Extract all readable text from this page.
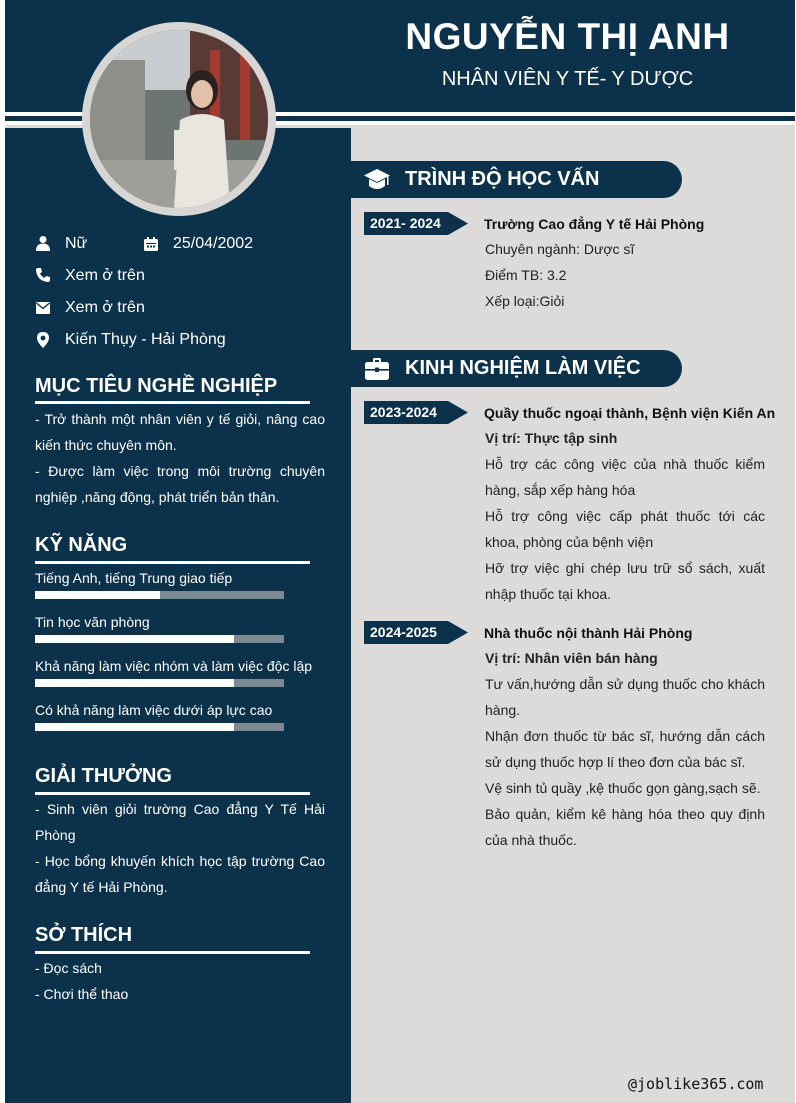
NGUYỄN THỊ ANH
NHÂN VIÊN Y TẾ- Y DƯỢC
Nữ	25/04/2002
Xem ở trên
Xem ở trên
Kiến Thụy - Hải Phòng
MỤC TIÊU NGHỀ NGHIỆP

- Trở thành một nhân viên y tế giỏi, nâng cao kiến thức chuyên môn.

- Được làm việc trong môi trường chuyên nghiệp ,năng động, phát triển bản thân.

KỸ NĂNG
Tiếng Anh, tiếng Trung giao tiếp
Tin học văn phòng
Khả năng làm việc nhóm và làm việc độc lập
Có khả năng làm việc dưới áp lực cao
GIẢI THƯỞNG

- Sinh viên giỏi trường Cao đẳng Y Tế Hải Phòng

- Học bổng khuyến khích học tập trường Cao đẳng Y tế Hải Phòng.

SỞ THÍCH

- Đọc sách

- Chơi thể thao

TRÌNH ĐỘ HỌC VẤN
2021- 2024	Trường Cao đẳng Y tế Hải Phòng

Chuyên ngành: Dược sĩ

Điểm TB: 3.2

Xếp loại:Giỏi

KINH NGHIỆM LÀM VIỆC
2023-2024	Quầy thuốc ngoại thành, Bệnh viện Kiến An

Vị trí: Thực tập sinh

Hỗ trợ các công việc của nhà thuốc kiểm hàng, sắp xếp hàng hóa

Hỗ trợ công việc cấp phát thuốc tới các khoa, phòng của bệnh viện

Hỡ trợ việc ghi chép lưu trữ sổ sách, xuất nhập thuốc tại khoa.

2024-2025	Nhà thuốc nội thành Hải Phòng

Vị trí: Nhân viên bán hàng

Tư vấn,hướng dẫn sử dụng thuốc cho khách hàng.

Nhận đơn thuốc từ bác sĩ, hướng dẫn cách sử dụng thuốc hợp lí theo đơn của bác sĩ.

Vệ sinh tủ quầy ,kệ thuốc gọn gàng,sạch sẽ.

Bảo quản, kiểm kê hàng hóa theo quy định của nhà thuốc.

@joblike365.com
